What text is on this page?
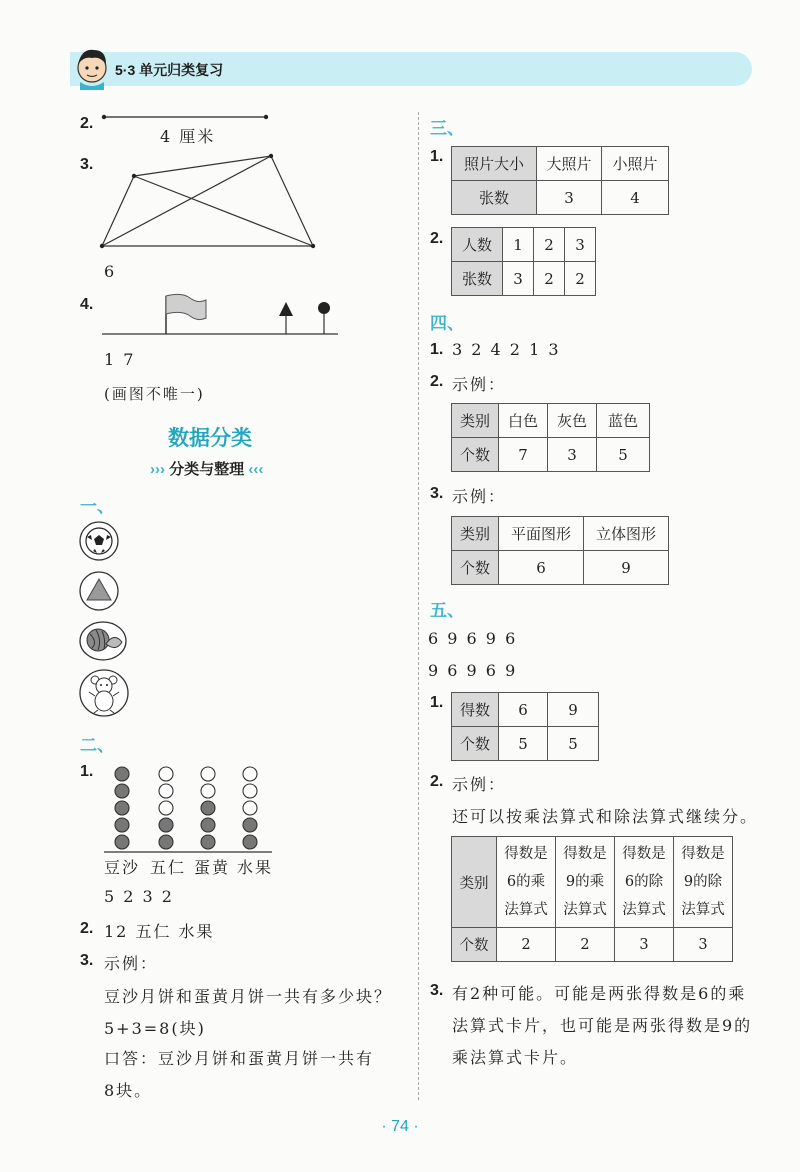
5·3 单元归类复习
2.
4 厘米
3.
6
4.
1 7
(画图不唯一)
数据分类
››› 分类与整理 ‹‹‹
一、
二、
1.
豆沙 五仁 蛋黄 水果
5 2 3 2
2. 12 五仁 水果
3. 示例：
豆沙月饼和蛋黄月饼一共有多少块？
5+3=8(块)
口答：豆沙月饼和蛋黄月饼一共有
8块。
三、
1. 照片大小	大照片	小照片
张数	3	4
2. 人数	1	2	3
张数	3	2	2
四、
1. 3 2 4 2 1 3
2. 示例：
类别	白色	灰色	蓝色
个数	7	3	5
3. 示例：
类别	平面图形	立体图形
个数	6	9
五、
6 9 6 9 6
9 6 9 6 9
1. 得数	6	9
个数	5	5
2. 示例：
还可以按乘法算式和除法算式继续分。
类别	得数是
6的乘
法算式	得数是
9的乘
法算式	得数是
6的除
法算式	得数是
9的除
法算式
个数	2	2	3	3
3. 有2种可能。可能是两张得数是6的乘
法算式卡片，也可能是两张得数是9的
乘法算式卡片。
· 74 ·
